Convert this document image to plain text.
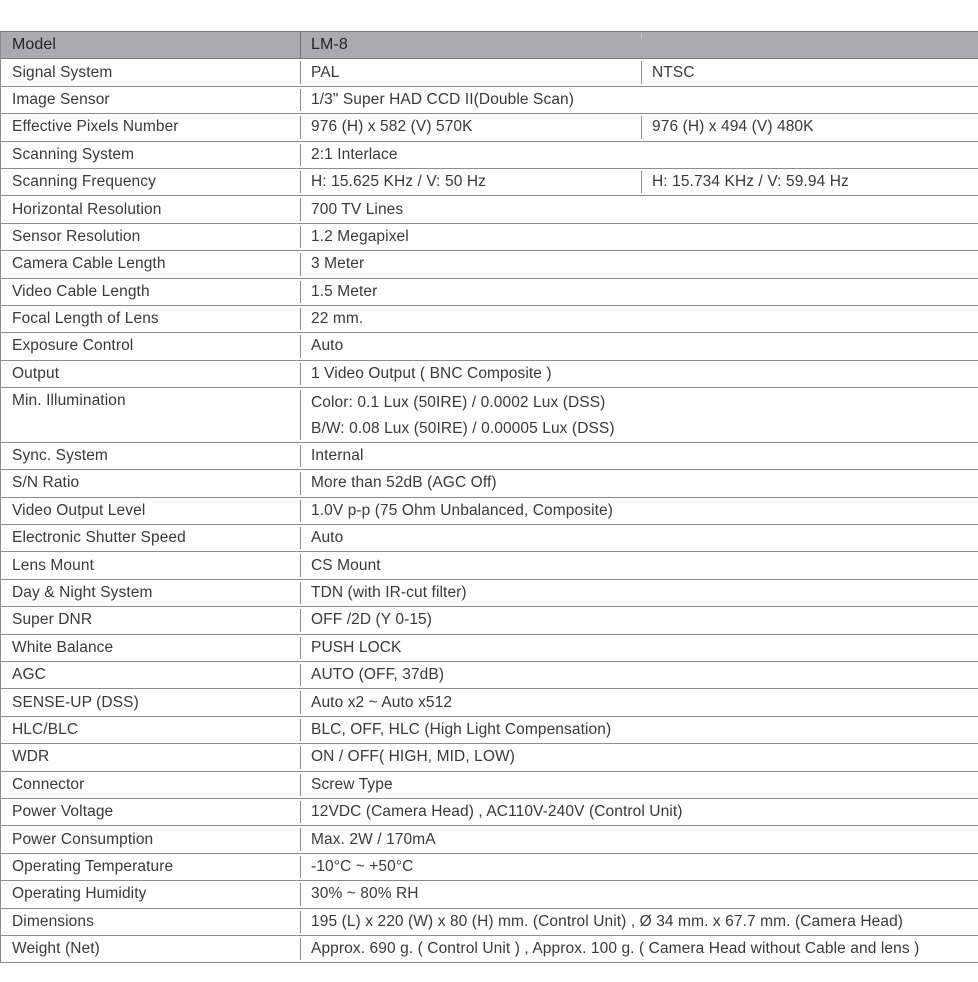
Model	LM-8
Signal System	PAL	NTSC
Image Sensor	1/3" Super HAD CCD II(Double Scan)
Effective Pixels Number	976 (H) x 582 (V) 570K	976 (H) x 494 (V) 480K
Scanning System	2:1 Interlace
Scanning Frequency	H: 15.625 KHz / V: 50 Hz	H: 15.734 KHz / V: 59.94 Hz
Horizontal Resolution	700 TV Lines
Sensor Resolution	1.2 Megapixel
Camera Cable Length	3 Meter
Video Cable Length	1.5 Meter
Focal Length of Lens	22 mm.
Exposure Control	Auto
Output	1 Video Output ( BNC Composite )
Min. Illumination	Color: 0.1 Lux (50IRE) / 0.0002 Lux (DSS)
B/W: 0.08 Lux (50IRE) / 0.00005 Lux (DSS)
Sync. System	Internal
S/N Ratio	More than 52dB (AGC Off)
Video Output Level	1.0V p-p (75 Ohm Unbalanced, Composite)
Electronic Shutter Speed	Auto
Lens Mount	CS Mount
Day & Night System	TDN (with IR-cut filter)
Super DNR	OFF /2D (Y 0-15)
White Balance	PUSH LOCK
AGC	AUTO (OFF, 37dB)
SENSE-UP (DSS)	Auto x2 ~ Auto x512
HLC/BLC	BLC, OFF, HLC (High Light Compensation)
WDR	ON / OFF( HIGH, MID, LOW)
Connector	Screw Type
Power Voltage	12VDC (Camera Head) , AC110V-240V (Control Unit)
Power Consumption	Max. 2W / 170mA
Operating Temperature	-10°C ~ +50°C
Operating Humidity	30% ~ 80% RH
Dimensions	195 (L) x 220 (W) x 80 (H) mm. (Control Unit) , Ø 34 mm. x 67.7 mm. (Camera Head)
Weight (Net)	Approx. 690 g. ( Control Unit ) , Approx. 100 g. ( Camera Head without Cable and lens )
